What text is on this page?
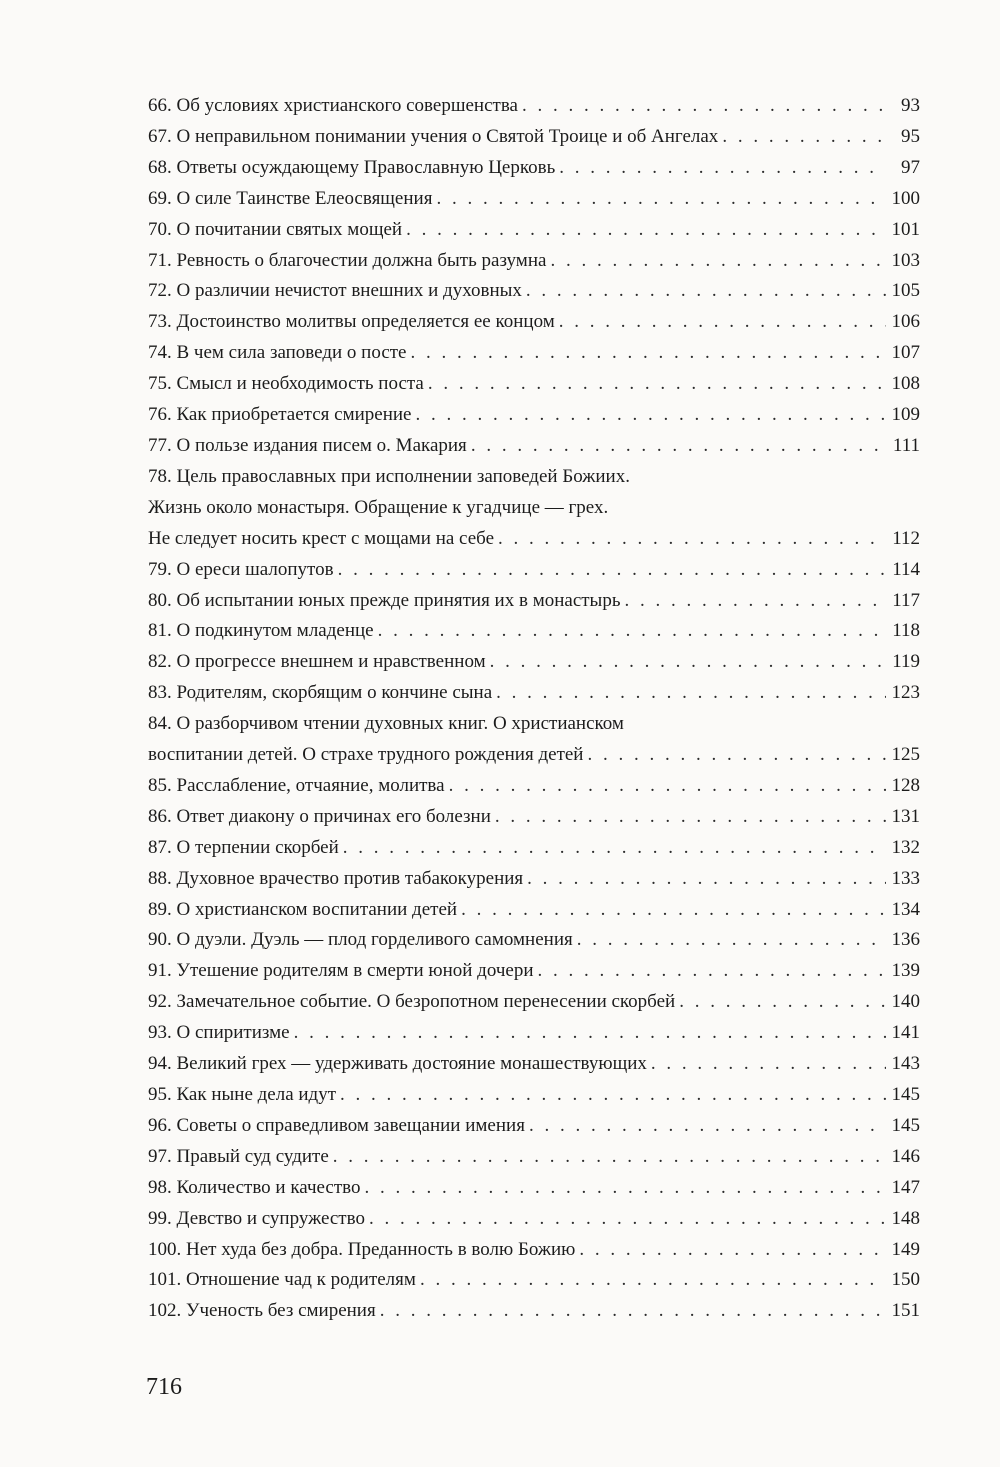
66. Об условиях христианского совершенства . . .	93
67. О неправильном понимании учения о Святой Троице и об Ангелах . . .	95
68. Ответы осуждающему Православную Церковь . . .	97
69. О силе Таинстве Елеосвящения . . .	100
70. О почитании святых мощей . . .	101
71. Ревность о благочестии должна быть разумна . . .	103
72. О различии нечистот внешних и духовных . . .	105
73. Достоинство молитвы определяется ее концом . . .	106
74. В чем сила заповеди о посте . . .	107
75. Смысл и необходимость поста . . .	108
76. Как приобретается смирение . . .	109
77. О пользе издания писем о. Макария . . .	111
78. Цель православных при исполнении заповедей Божиих.
Жизнь около монастыря. Обращение к угадчице — грех.
Не следует носить крест с мощами на себе . . .	112
79. О ереси шалопутов . . .	114
80. Об испытании юных прежде принятия их в монастырь . . .	117
81. О подкинутом младенце . . .	118
82. О прогрессе внешнем и нравственном . . .	119
83. Родителям, скорбящим о кончине сына . . .	123
84. О разборчивом чтении духовных книг. О христианском
воспитании детей. О страхе трудного рождения детей . . .	125
85. Расслабление, отчаяние, молитва . . .	128
86. Ответ диакону о причинах его болезни . . .	131
87. О терпении скорбей . . .	132
88. Духовное врачество против табакокурения . . .	133
89. О христианском воспитании детей . . .	134
90. О дуэли. Дуэль — плод горделивого самомнения . . .	136
91. Утешение родителям в смерти юной дочери . . .	139
92. Замечательное событие. О безропотном перенесении скорбей . . .	140
93. О спиритизме . . .	141
94. Великий грех — удерживать достояние монашествующих . . .	143
95. Как ныне дела идут . . .	145
96. Советы о справедливом завещании имения . . .	145
97. Правый суд судите . . .	146
98. Количество и качество . . .	147
99. Девство и супружество . . .	148
100. Нет худа без добра. Преданность в волю Божию . . .	149
101. Отношение чад к родителям . . .	150
102. Ученость без смирения . . .	151
716
